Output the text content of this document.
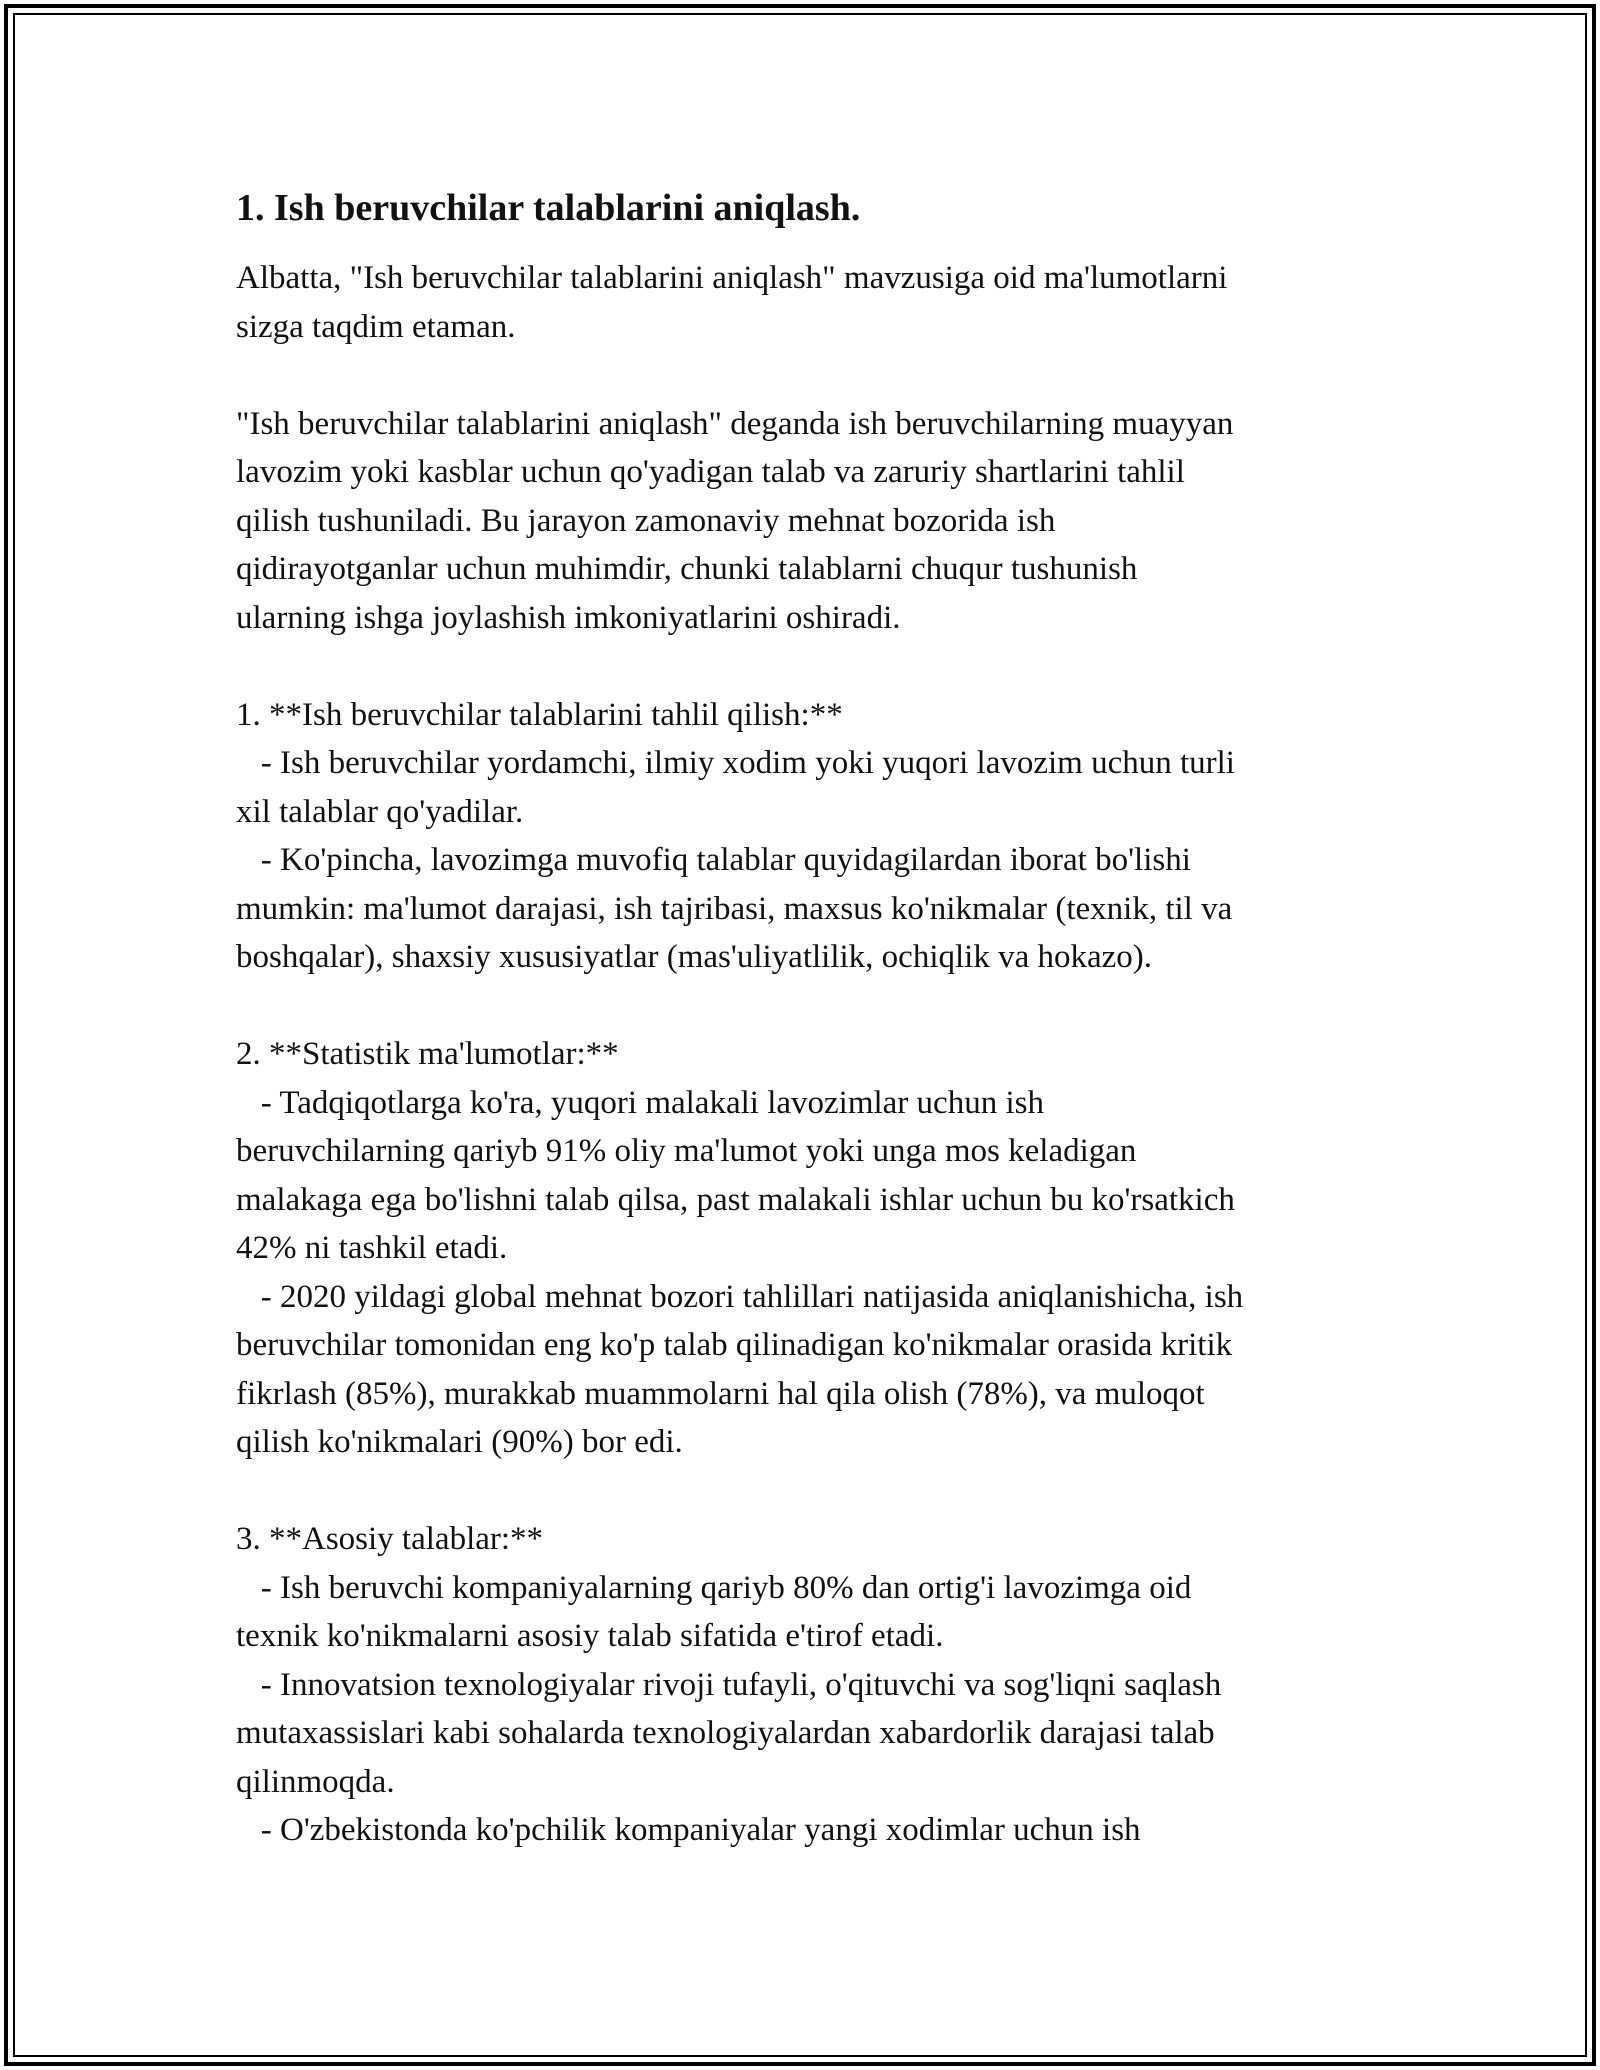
1. Ish beruvchilar talablarini aniqlash.

Albatta, "Ish beruvchilar talablarini aniqlash" mavzusiga oid ma'lumotlarni
sizga taqdim etaman.

"Ish beruvchilar talablarini aniqlash" deganda ish beruvchilarning muayyan
lavozim yoki kasblar uchun qo'yadigan talab va zaruriy shartlarini tahlil
qilish tushuniladi. Bu jarayon zamonaviy mehnat bozorida ish
qidirayotganlar uchun muhimdir, chunki talablarni chuqur tushunish
ularning ishga joylashish imkoniyatlarini oshiradi.

1. **Ish beruvchilar talablarini tahlil qilish:**

- Ish beruvchilar yordamchi, ilmiy xodim yoki yuqori lavozim uchun turli
xil talablar qo'yadilar.

- Ko'pincha, lavozimga muvofiq talablar quyidagilardan iborat bo'lishi
mumkin: ma'lumot darajasi, ish tajribasi, maxsus ko'nikmalar (texnik, til va
boshqalar), shaxsiy xususiyatlar (mas'uliyatlilik, ochiqlik va hokazo).

2. **Statistik ma'lumotlar:**

- Tadqiqotlarga ko'ra, yuqori malakali lavozimlar uchun ish
beruvchilarning qariyb 91% oliy ma'lumot yoki unga mos keladigan
malakaga ega bo'lishni talab qilsa, past malakali ishlar uchun bu ko'rsatkich
42% ni tashkil etadi.

- 2020 yildagi global mehnat bozori tahlillari natijasida aniqlanishicha, ish
beruvchilar tomonidan eng ko'p talab qilinadigan ko'nikmalar orasida kritik
fikrlash (85%), murakkab muammolarni hal qila olish (78%), va muloqot
qilish ko'nikmalari (90%) bor edi.

3. **Asosiy talablar:**

- Ish beruvchi kompaniyalarning qariyb 80% dan ortig'i lavozimga oid
texnik ko'nikmalarni asosiy talab sifatida e'tirof etadi.

- Innovatsion texnologiyalar rivoji tufayli, o'qituvchi va sog'liqni saqlash
mutaxassislari kabi sohalarda texnologiyalardan xabardorlik darajasi talab
qilinmoqda.

- O'zbekistonda ko'pchilik kompaniyalar yangi xodimlar uchun ish
